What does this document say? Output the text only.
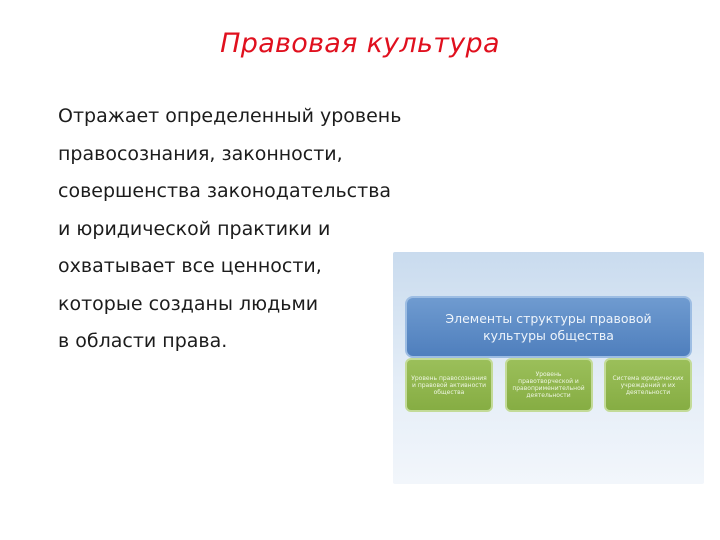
Правовая культура
Отражает определенный уровень
правосознания, законности,
совершенства законодательства
и юридической практики и
охватывает все ценности,
которые созданы людьми
в области права.
Элементы структуры правовой
культуры общества
Уровень правосознания и правовой активности общества
Уровень правотворческой и правоприменительной деятельности
Система юридических учреждений и их деятельности
